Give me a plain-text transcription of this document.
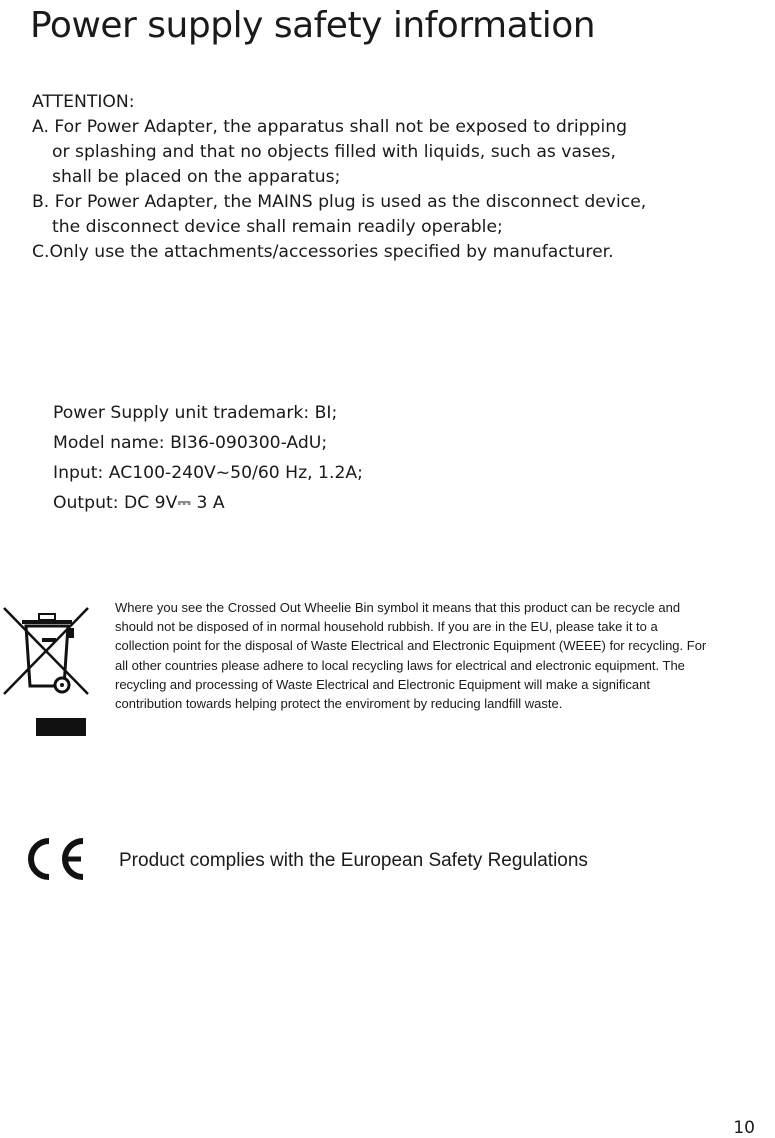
Power supply safety information
ATTENTION:
A. For Power Adapter, the apparatus shall not be exposed to dripping
or splashing and that no objects filled with liquids, such as vases,
shall be placed on the apparatus;
B. For Power Adapter, the MAINS plug is used as the disconnect device,
the disconnect device shall remain readily operable;
C.Only use the attachments/accessories specified by manufacturer.
Power Supply unit trademark: BI;
Model name: BI36-090300-AdU;
Input: AC100-240V~50/60 Hz, 1.2A;
Output: DC 9V⎓ 3 A
Where you see the Crossed Out Wheelie Bin symbol it means that this product can be recycle and should not be disposed of in normal household rubbish. If you are in the EU, please take it to a collection point for the disposal of Waste Electrical and Electronic Equipment (WEEE) for recycling. For all other countries please adhere to local recycling laws for electrical and electronic equipment. The recycling and processing of Waste Electrical and Electronic Equipment will make a significant contribution towards helping protect the enviroment by reducing landfill waste.
Product complies with the European Safety Regulations
10
